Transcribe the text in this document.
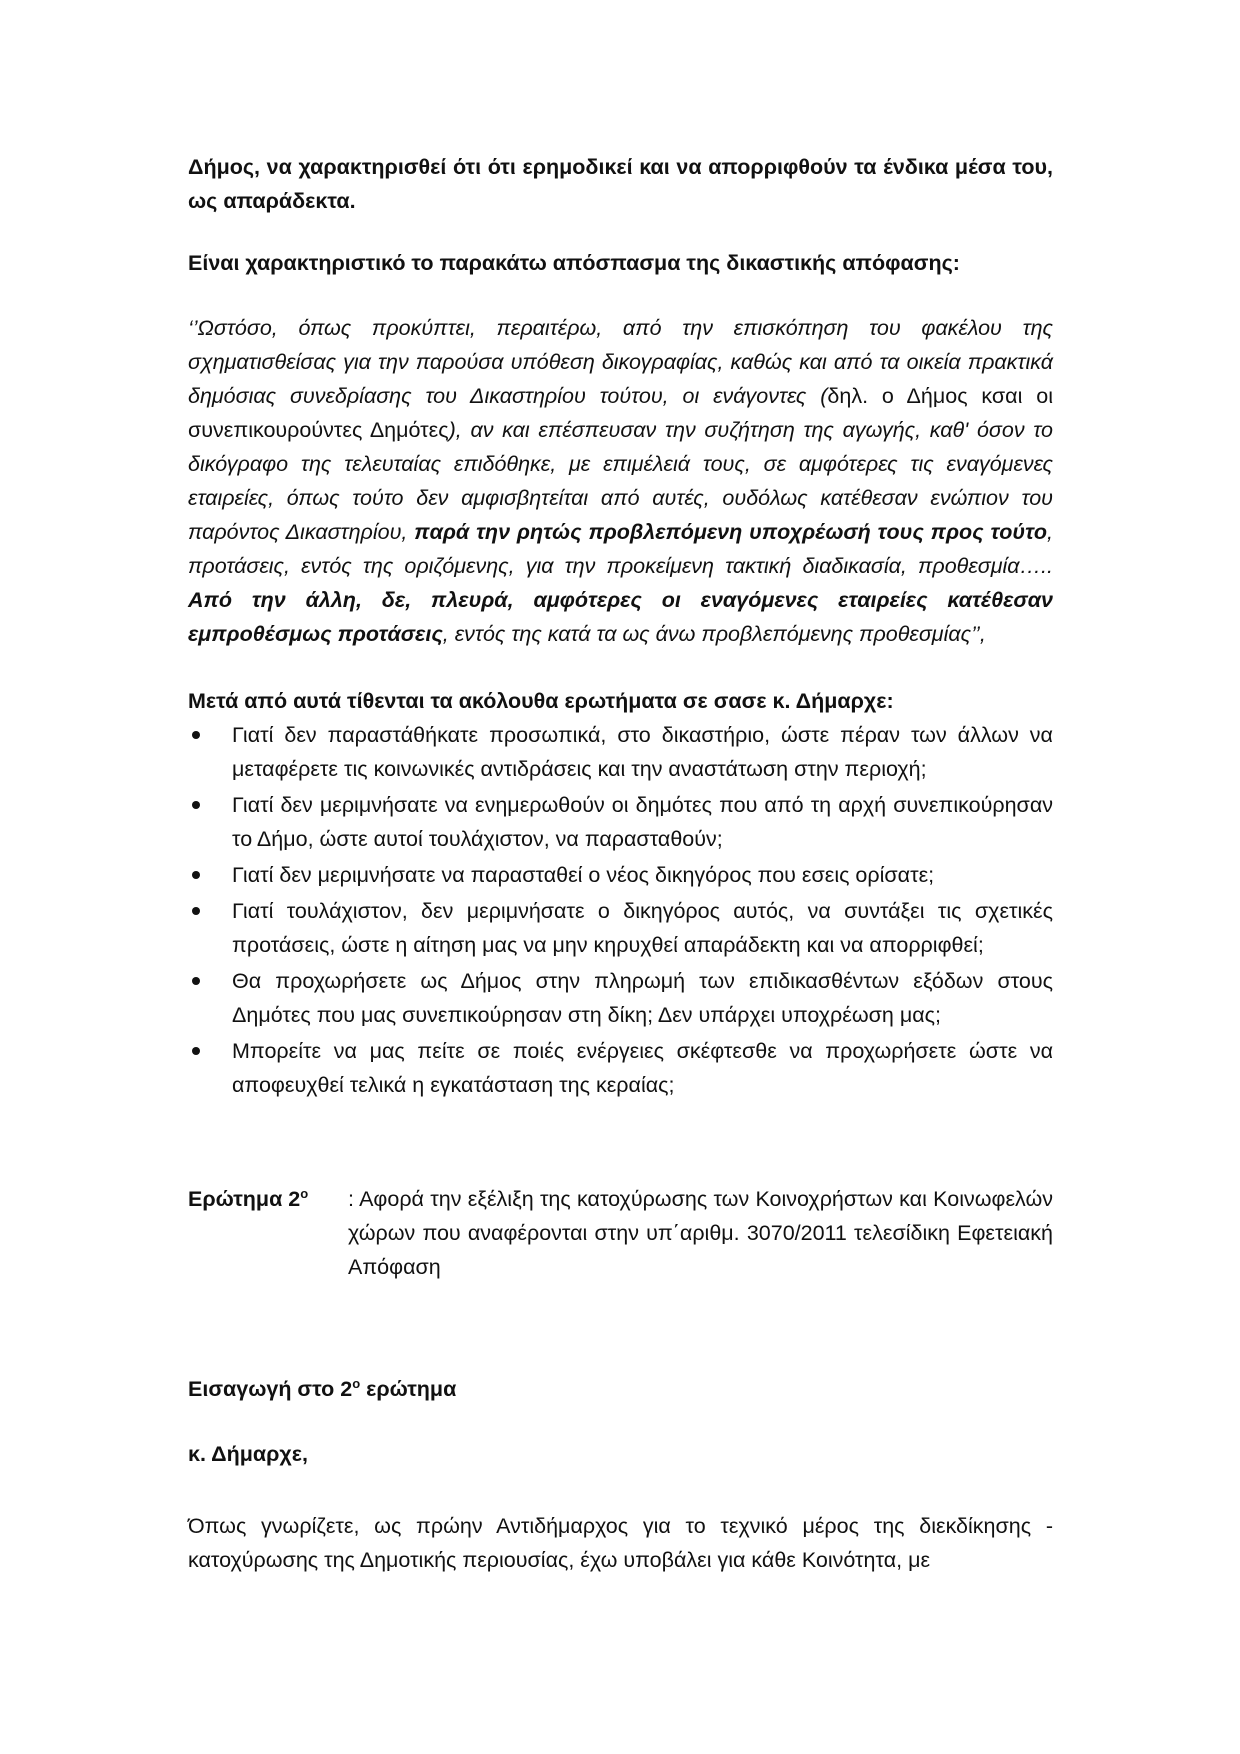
Δήμος, να χαρακτηρισθεί ότι ότι ερημοδικεί και να απορριφθούν τα ένδικα μέσα του, ως απαράδεκτα.

Είναι χαρακτηριστικό το παρακάτω απόσπασμα της δικαστικής απόφασης:

‘’Ωστόσο, όπως προκύπτει, περαιτέρω, από την επισκόπηση του φακέλου της σχηματισθείσας για την παρούσα υπόθεση δικογραφίας, καθώς και από τα οικεία πρακτικά δημόσιας συνεδρίασης του Δικαστηρίου τούτου, οι ενάγοντες (δηλ. ο Δήμος κσαι οι συνεπικουρούντες Δημότες), αν και επέσπευσαν την συζήτηση της αγωγής, καθ' όσον το δικόγραφο της τελευταίας επιδόθηκε, με επιμέλειά τους, σε αμφότερες τις εναγόμενες εταιρείες, όπως τούτο δεν αμφισβητείται από αυτές, ουδόλως κατέθεσαν ενώπιον του παρόντος Δικαστηρίου, παρά την ρητώς προβλεπόμενη υποχρέωσή τους προς τούτο, προτάσεις, εντός της οριζόμενης, για την προκείμενη τακτική διαδικασία, προθεσμία….. Από την άλλη, δε, πλευρά, αμφότερες οι εναγόμενες εταιρείες κατέθεσαν εμπροθέσμως προτάσεις, εντός της κατά τα ως άνω προβλεπόμενης προθεσμίας’’,

Μετά από αυτά τίθενται τα ακόλουθα ερωτήματα σε σασε κ. Δήμαρχε:

Γιατί δεν παραστάθήκατε προσωπικά, στο δικαστήριο, ώστε πέραν των άλλων να μεταφέρετε τις κοινωνικές αντιδράσεις και την αναστάτωση στην περιοχή;
Γιατί δεν μεριμνήσατε να ενημερωθούν οι δημότες που από τη αρχή συνεπικούρησαν το Δήμο, ώστε αυτοί τουλάχιστον, να παρασταθούν;
Γιατί δεν μεριμνήσατε να παρασταθεί ο νέος δικηγόρος που εσεις ορίσατε;
Γιατί τουλάχιστον, δεν μεριμνήσατε ο δικηγόρος αυτός, να συντάξει τις σχετικές προτάσεις, ώστε η αίτηση μας να μην κηρυχθεί απαράδεκτη και να απορριφθεί;
Θα προχωρήσετε ως Δήμος στην πληρωμή των επιδικασθέντων εξόδων στους Δημότες που μας συνεπικούρησαν στη δίκη; Δεν υπάρχει υποχρέωση μας;
Μπορείτε να μας πείτε σε ποιές ενέργειες σκέφτεσθε να προχωρήσετε ώστε να αποφευχθεί τελικά η εγκατάσταση της κεραίας;
Ερώτημα $2^o$	: Αφορά την εξέλιξη της κατοχύρωσης των Κοινοχρήστων και Κοινωφελών χώρων που αναφέρονται στην υπ΄αριθμ. 3070/2011 τελεσίδικη Εφετειακή Απόφαση

Εισαγωγή στο $2^o$ ερώτημα

κ. Δήμαρχε,

Όπως γνωρίζετε, ως πρώην Αντιδήμαρχος για το τεχνικό μέρος της διεκδίκησης - κατοχύρωσης της Δημοτικής περιουσίας, έχω υποβάλει για κάθε Κοινότητα, με
